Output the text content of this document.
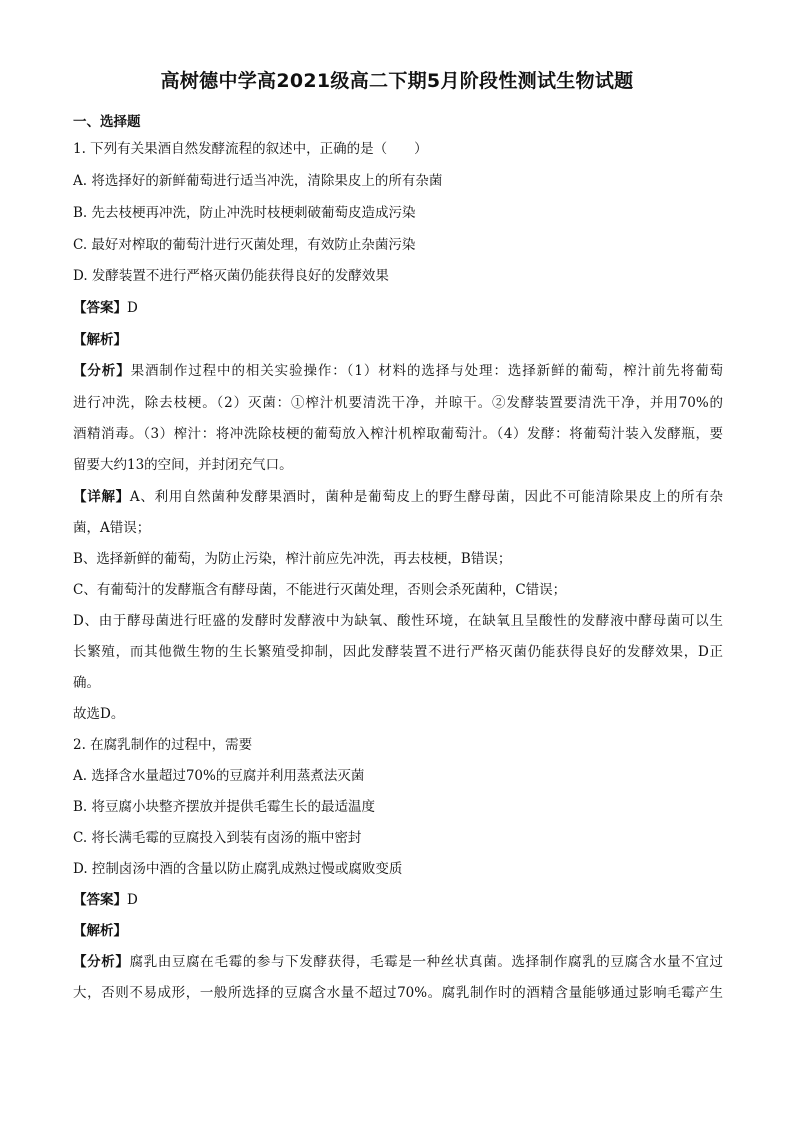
高树德中学高2021级高二下期5月阶段性测试生物试题
一、选择题
1. 下列有关果酒自然发酵流程的叙述中，正确的是（　　）
A. 将选择好的新鲜葡萄进行适当冲洗，清除果皮上的所有杂菌
B. 先去枝梗再冲洗，防止冲洗时枝梗刺破葡萄皮造成污染
C. 最好对榨取的葡萄汁进行灭菌处理，有效防止杂菌污染
D. 发酵装置不进行严格灭菌仍能获得良好的发酵效果
【答案】D
【解析】
【分析】果酒制作过程中的相关实验操作：（1）材料的选择与处理：选择新鲜的葡萄，榨汁前先将葡萄
进行冲洗，除去枝梗。（2）灭菌：①榨汁机要清洗干净，并晾干。②发酵装置要清洗干净，并用70%的
酒精消毒。（3）榨汁：将冲洗除枝梗的葡萄放入榨汁机榨取葡萄汁。（4）发酵：将葡萄汁装入发酵瓶，要
留要大约13的空间，并封闭充气口。
【详解】A、利用自然菌种发酵果酒时，菌种是葡萄皮上的野生酵母菌，因此不可能清除果皮上的所有杂
菌，A错误；
B、选择新鲜的葡萄，为防止污染，榨汁前应先冲洗，再去枝梗，B错误；
C、有葡萄汁的发酵瓶含有酵母菌，不能进行灭菌处理，否则会杀死菌种，C错误；
D、由于酵母菌进行旺盛的发酵时发酵液中为缺氧、酸性环境，在缺氧且呈酸性的发酵液中酵母菌可以生
长繁殖，而其他微生物的生长繁殖受抑制，因此发酵装置不进行严格灭菌仍能获得良好的发酵效果，D正
确。
故选D。
2. 在腐乳制作的过程中，需要
A. 选择含水量超过70%的豆腐并利用蒸煮法灭菌
B. 将豆腐小块整齐摆放并提供毛霉生长的最适温度
C. 将长满毛霉的豆腐投入到装有卤汤的瓶中密封
D. 控制卤汤中酒的含量以防止腐乳成熟过慢或腐败变质
【答案】D
【解析】
【分析】腐乳由豆腐在毛霉的参与下发酵获得，毛霉是一种丝状真菌。选择制作腐乳的豆腐含水量不宜过
大，否则不易成形，一般所选择的豆腐含水量不超过70%。腐乳制作时的酒精含量能够通过影响毛霉产生
